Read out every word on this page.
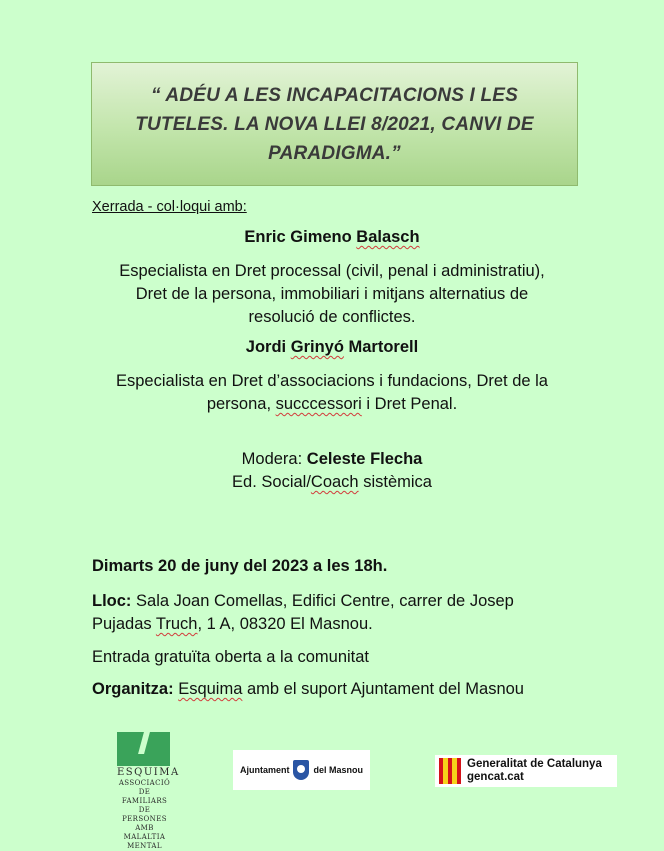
“ ADÉU A LES INCAPACITACIONS I LES TUTELES. LA NOVA LLEI 8/2021, CANVI DE PARADIGMA.”
Xerrada - col·loqui amb:
Enric Gimeno Balasch
Especialista en Dret processal (civil, penal i administratiu),
Dret de la persona, immobiliari i mitjans alternatius de
resolució de conflictes.
Jordi Grinyó Martorell
Especialista en Dret d’associacions i fundacions, Dret de la
persona, succcessori i Dret Penal.
Modera: Celeste Flecha
Ed. Social/Coach sistèmica
Dimarts 20 de juny del 2023 a les 18h.
Lloc: Sala Joan Comellas, Edifici Centre, carrer de Josep
Pujadas Truch, 1 A, 08320 El Masnou.
Entrada gratuïta oberta a la comunitat
Organitza: Esquima amb el suport Ajuntament del Masnou
ESQUIMA
ASSOCIACIÓ
DE FAMILIARS
DE PERSONES
AMB MALALTIA
MENTAL
Ajuntament	del Masnou	Generalitat de Catalunya
gencat.cat
